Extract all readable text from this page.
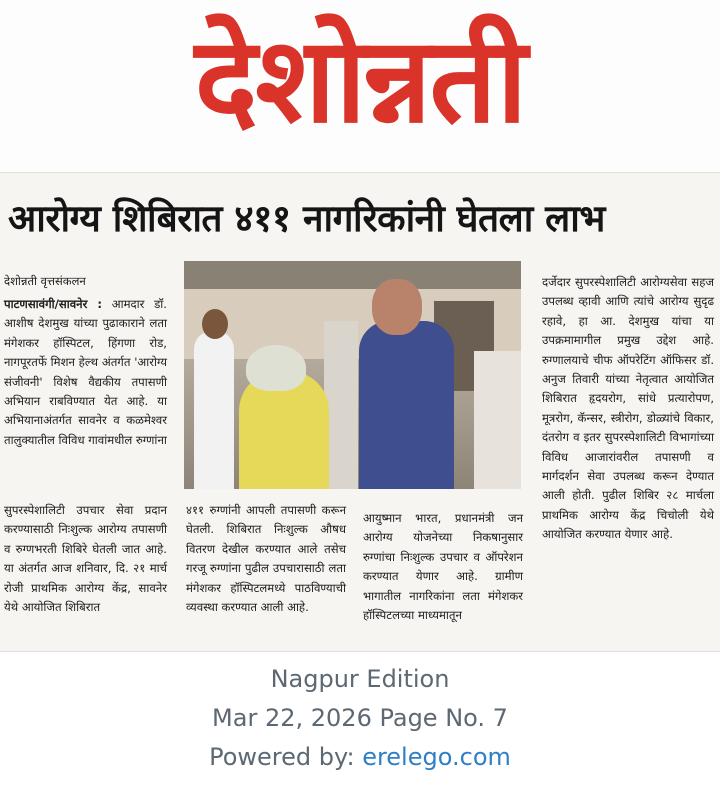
देशोन्नती
आरोग्य शिबिरात ४११ नागरिकांनी घेतला लाभ
देशोन्नती वृत्तसंकलन
पाटणसावंगी/सावनेर : आमदार डॉ. आशीष देशमुख यांच्या पुढाकाराने लता मंगेशकर हॉस्पिटल, हिंगणा रोड, नागपूरतर्फे मिशन हेल्थ अंतर्गत 'आरोग्य संजीवनी' विशेष वैद्यकीय तपासणी अभियान राबविण्यात येत आहे. या अभियानाअंतर्गत सावनेर व कळमेश्वर तालुक्यातील विविध गावांमधील रुग्णांना
सुपरस्पेशालिटी उपचार सेवा प्रदान करण्यासाठी निःशुल्क आरोग्य तपासणी व रुग्णभरती शिबिरे घेतली जात आहे. या अंतर्गत आज शनिवार, दि. २१ मार्च रोजी प्राथमिक आरोग्य केंद्र, सावनेर येथे आयोजित शिबिरात
४११ रुग्णांनी आपली तपासणी करून घेतली. शिबिरात निःशुल्क औषध वितरण देखील करण्यात आले तसेच गरजू रुग्णांना पुढील उपचारासाठी लता मंगेशकर हॉस्पिटलमध्ये पाठविण्याची व्यवस्था करण्यात आली आहे.
आयुष्मान भारत, प्रधानमंत्री जन आरोग्य योजनेच्या निकषानुसार रुग्णांचा निःशुल्क उपचार व ऑपरेशन करण्यात येणार आहे. ग्रामीण भागातील नागरिकांना लता मंगेशकर हॉस्पिटलच्या माध्यमातून
दर्जेदार सुपरस्पेशालिटी आरोग्यसेवा सहज उपलब्ध व्हावी आणि त्यांचे आरोग्य सुदृढ रहावे, हा आ. देशमुख यांचा या उपक्रमामागील प्रमुख उद्देश आहे. रुग्णालयाचे चीफ ऑपरेटिंग ऑफिसर डॉ. अनुज तिवारी यांच्या नेतृत्वात आयोजित शिबिरात हृदयरोग, सांधे प्रत्यारोपण, मूत्ररोग, कॅन्सर, स्त्रीरोग, डोळ्यांचे विकार, दंतरोग व इतर सुपरस्पेशालिटी विभागांच्या विविध आजारांवरील तपासणी व मार्गदर्शन सेवा उपलब्ध करून देण्यात आली होती. पुढील शिबिर २८ मार्चला प्राथमिक आरोग्य केंद्र चिचोली येथे आयोजित करण्यात येणार आहे.
Nagpur Edition
Mar 22, 2026 Page No. 7
Powered by: erelego.com
